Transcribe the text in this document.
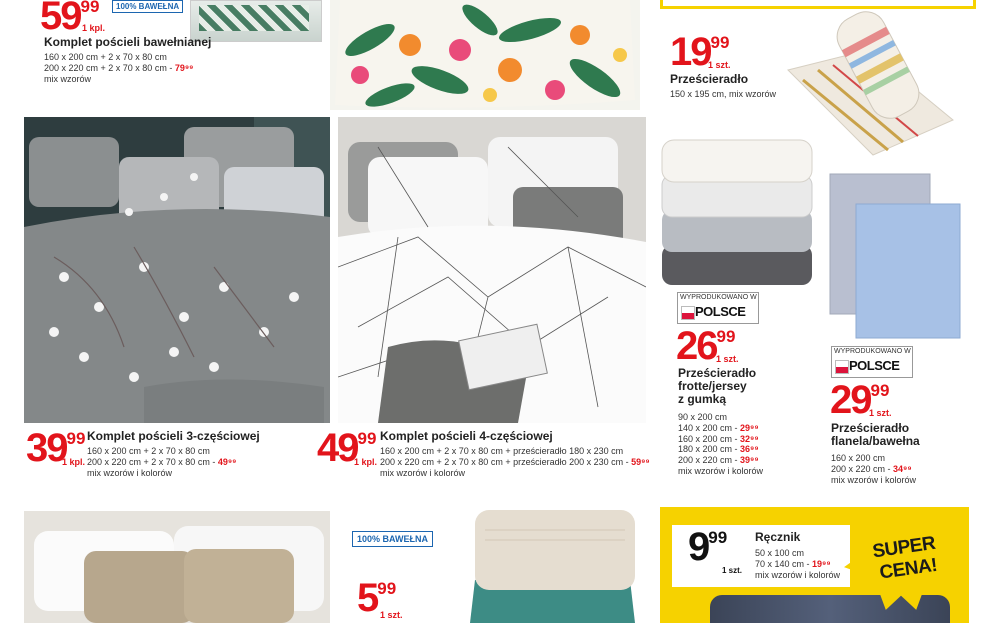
100% BAWEŁNA
5999
1 kpl.
Komplet pościeli bawełnianej
160 x 200 cm + 2 x 70 x 80 cm
200 x 220 cm + 2 x 70 x 80 cm - 79⁹⁹
mix wzorów
1999
1 szt.
Prześcieradło
150 x 195 cm, mix wzorów
3999
1 kpl.
Komplet pościeli 3-częściowej
160 x 200 cm + 2 x 70 x 80 cm
200 x 220 cm + 2 x 70 x 80 cm - 49⁹⁹
mix wzorów i kolorów
4999
1 kpl.
Komplet pościeli 4-częściowej
160 x 200 cm + 2 x 70 x 80 cm + prześcieradło 180 x 230 cm
200 x 220 cm + 2 x 70 x 80 cm + prześcieradło 200 x 230 cm - 59⁹⁹
mix wzorów i kolorów
WYPRODUKOWANO W
POLSCE
2699
1 szt.
Prześcieradło
frotte/jersey
z gumką
90 x 200 cm
140 x 200 cm - 29⁹⁹
160 x 200 cm - 32⁹⁹
180 x 200 cm - 36⁹⁹
200 x 220 cm - 39⁹⁹
mix wzorów i kolorów
WYPRODUKOWANO W
POLSCE
2999
1 szt.
Prześcieradło
flanela/bawełna
160 x 200 cm
200 x 220 cm - 34⁹⁹
mix wzorów i kolorów
100% BAWEŁNA
599
1 szt.
SUPER
CENA!
999
1 szt.
Ręcznik
50 x 100 cm
70 x 140 cm - 19⁹⁹
mix wzorów i kolorów
